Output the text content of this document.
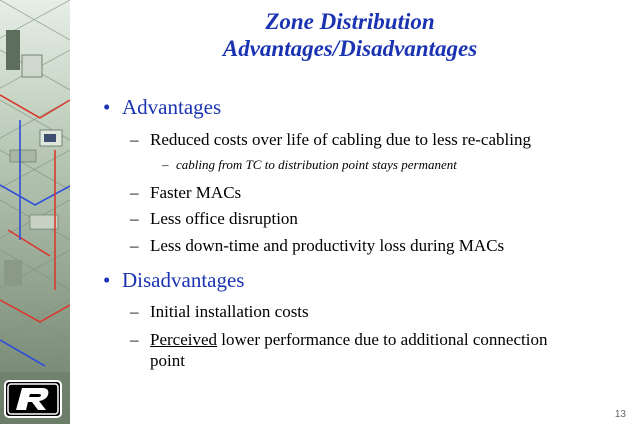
Zone Distribution
Advantages/Disadvantages
• Advantages
– Reduced costs over life of cabling due to less re-cabling
– cabling from TC to distribution point stays permanent
– Faster MACs
– Less office disruption
– Less down-time and productivity loss during MACs
• Disadvantages
– Initial installation costs
– Perceived lower performance due to additional connection
point
13
